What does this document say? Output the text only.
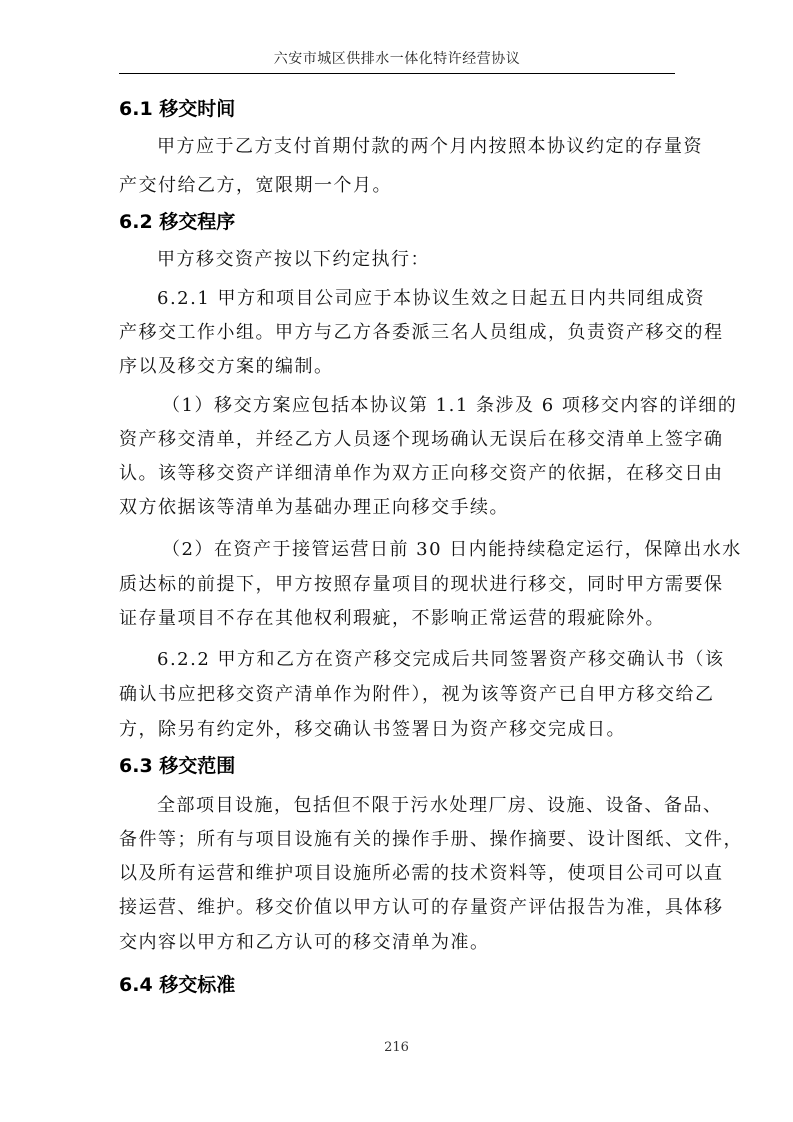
六安市城区供排水一体化特许经营协议
6.1 移交时间
甲方应于乙方支付首期付款的两个月内按照本协议约定的存量资
产交付给乙方，宽限期一个月。
6.2 移交程序
甲方移交资产按以下约定执行：
6.2.1 甲方和项目公司应于本协议生效之日起五日内共同组成资
产移交工作小组。甲方与乙方各委派三名人员组成，负责资产移交的程
序以及移交方案的编制。
（1）移交方案应包括本协议第 1.1 条涉及 6 项移交内容的详细的
资产移交清单，并经乙方人员逐个现场确认无误后在移交清单上签字确
认。该等移交资产详细清单作为双方正向移交资产的依据，在移交日由
双方依据该等清单为基础办理正向移交手续。
（2）在资产于接管运营日前 30 日内能持续稳定运行，保障出水水
质达标的前提下，甲方按照存量项目的现状进行移交，同时甲方需要保
证存量项目不存在其他权利瑕疵，不影响正常运营的瑕疵除外。
6.2.2 甲方和乙方在资产移交完成后共同签署资产移交确认书（该
确认书应把移交资产清单作为附件），视为该等资产已自甲方移交给乙
方，除另有约定外，移交确认书签署日为资产移交完成日。
6.3 移交范围
全部项目设施，包括但不限于污水处理厂房、设施、设备、备品、
备件等；所有与项目设施有关的操作手册、操作摘要、设计图纸、文件，
以及所有运营和维护项目设施所必需的技术资料等，使项目公司可以直
接运营、维护。移交价值以甲方认可的存量资产评估报告为准，具体移
交内容以甲方和乙方认可的移交清单为准。
6.4 移交标准
216
